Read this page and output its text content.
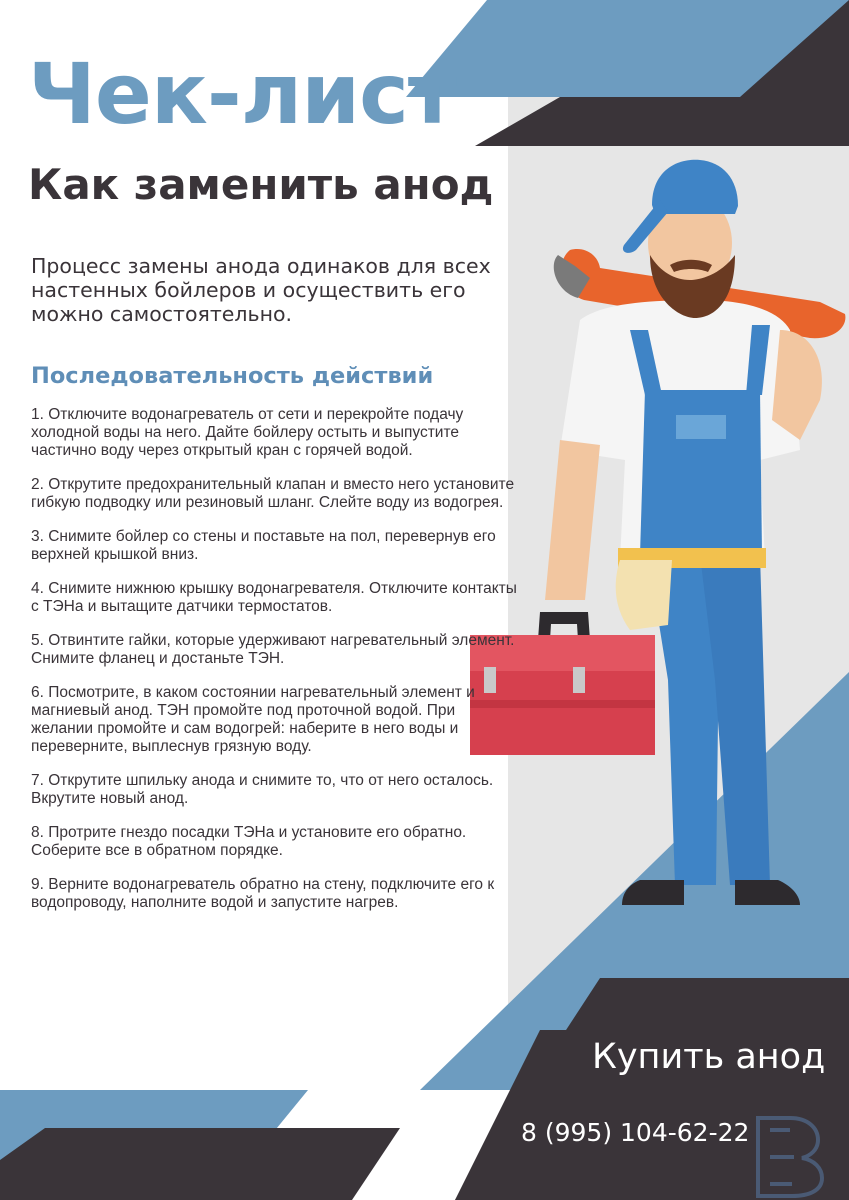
Чек-лист
Как заменить анод

Процесс замены анода одинаков для всех настенных бойлеров и осуществить его можно самостоятельно.

Последовательность действий
1. Отключите водонагреватель от сети и перекройте подачу холодной воды на него. Дайте бойлеру остыть и выпустите частично воду через открытый кран с горячей водой.
2. Открутите предохранительный клапан и вместо него установите гибкую подводку или резиновый шланг. Слейте воду из водогрея.
3. Снимите бойлер со стены и поставьте на пол, перевернув его верхней крышкой вниз.
4. Снимите нижнюю крышку водонагревателя. Отключите контакты с ТЭНа и вытащите датчики термостатов.
5. Отвинтите гайки, которые удерживают нагревательный элемент. Снимите фланец и достаньте ТЭН.
6. Посмотрите, в каком состоянии нагревательный элемент и магниевый анод. ТЭН промойте под проточной водой. При желании промойте и сам водогрей: наберите в него воды и переверните, выплеснув грязную воду.
7. Открутите шпильку анода и снимите то, что от него осталось. Вкрутите новый анод.
8. Протрите гнездо посадки ТЭНа и установите его обратно. Соберите все в обратном порядке.
9. Верните водонагреватель обратно на стену, подключите его к водопроводу, наполните водой и запустите нагрев.
Купить анод
8 (995) 104-62-22
